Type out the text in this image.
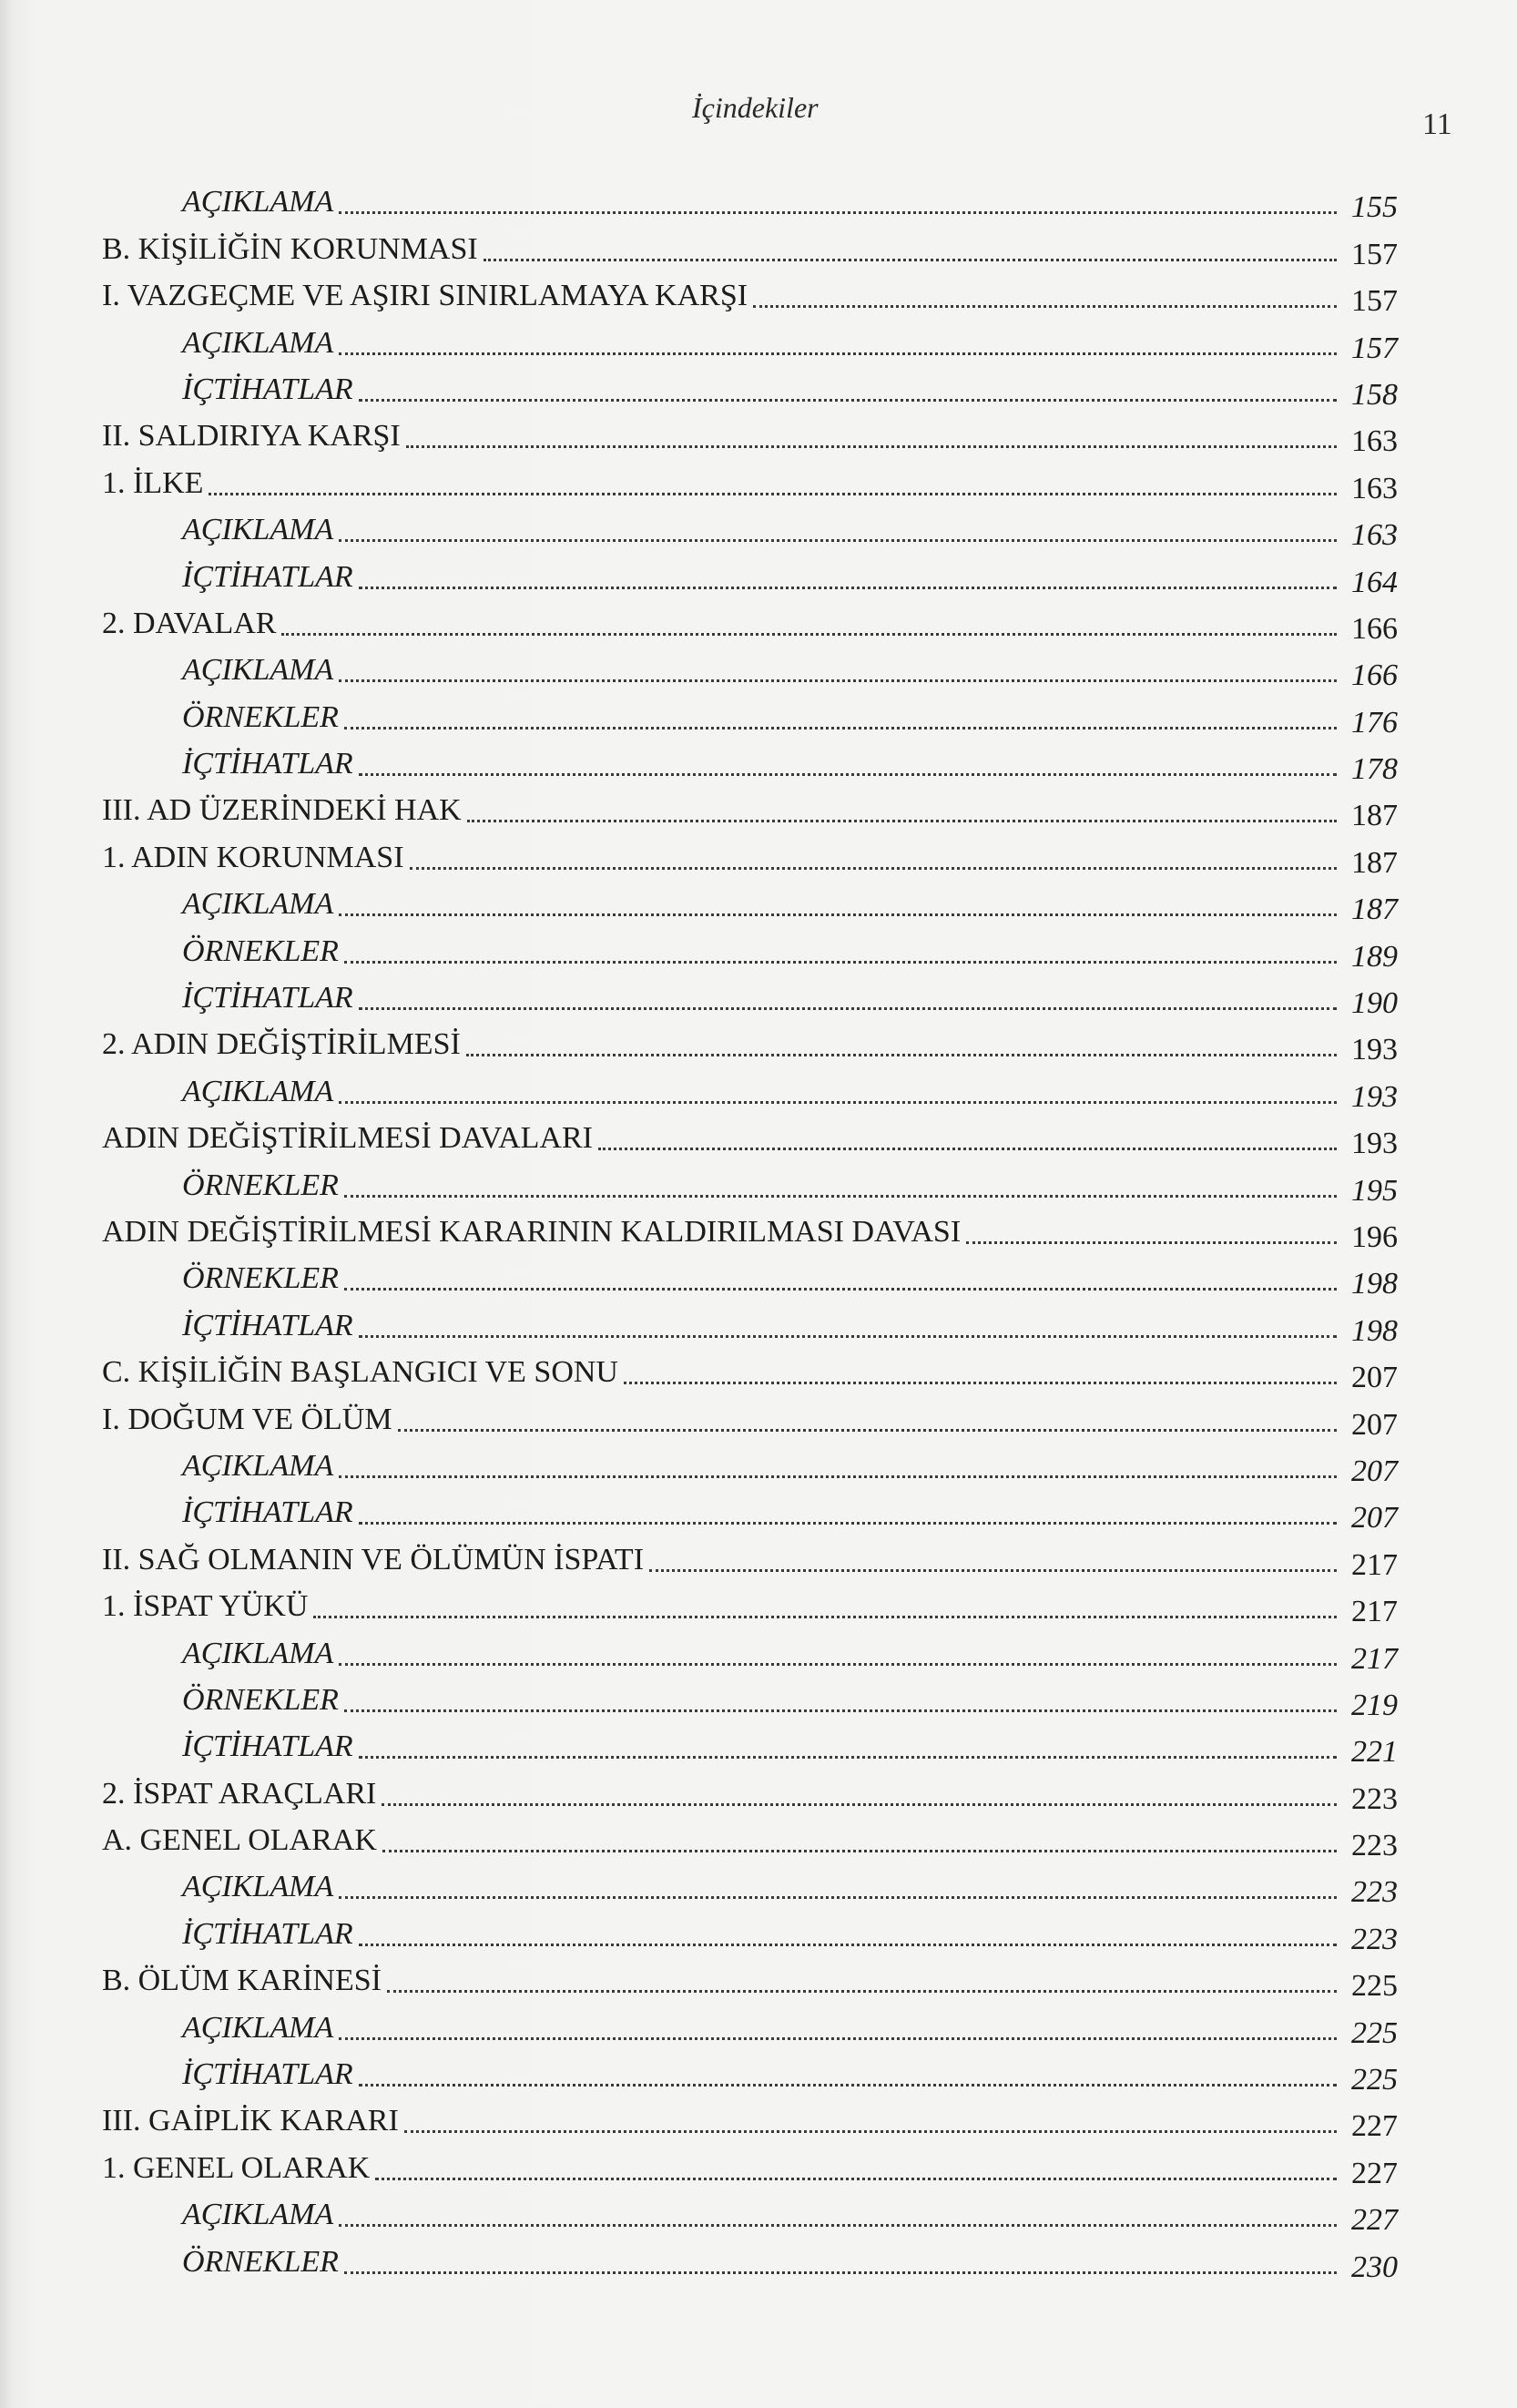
İçindekiler	11
AÇIKLAMA	155
B. KİŞİLİĞİN KORUNMASI	157
I. VAZGEÇME VE AŞIRI SINIRLAMAYA KARŞI	157
AÇIKLAMA	157
İÇTİHATLAR	158
II. SALDIRIYA KARŞI	163
1. İLKE	163
AÇIKLAMA	163
İÇTİHATLAR	164
2. DAVALAR	166
AÇIKLAMA	166
ÖRNEKLER	176
İÇTİHATLAR	178
III. AD ÜZERİNDEKİ HAK	187
1. ADIN KORUNMASI	187
AÇIKLAMA	187
ÖRNEKLER	189
İÇTİHATLAR	190
2. ADIN DEĞİŞTİRİLMESİ	193
AÇIKLAMA	193
ADIN DEĞİŞTİRİLMESİ DAVALARI	193
ÖRNEKLER	195
ADIN DEĞİŞTİRİLMESİ KARARININ KALDIRILMASI DAVASI	196
ÖRNEKLER	198
İÇTİHATLAR	198
C. KİŞİLİĞİN BAŞLANGICI VE SONU	207
I. DOĞUM VE ÖLÜM	207
AÇIKLAMA	207
İÇTİHATLAR	207
II. SAĞ OLMANIN VE ÖLÜMÜN İSPATI	217
1. İSPAT YÜKÜ	217
AÇIKLAMA	217
ÖRNEKLER	219
İÇTİHATLAR	221
2. İSPAT ARAÇLARI	223
A. GENEL OLARAK	223
AÇIKLAMA	223
İÇTİHATLAR	223
B. ÖLÜM KARİNESİ	225
AÇIKLAMA	225
İÇTİHATLAR	225
III. GAİPLİK KARARI	227
1. GENEL OLARAK	227
AÇIKLAMA	227
ÖRNEKLER	230
